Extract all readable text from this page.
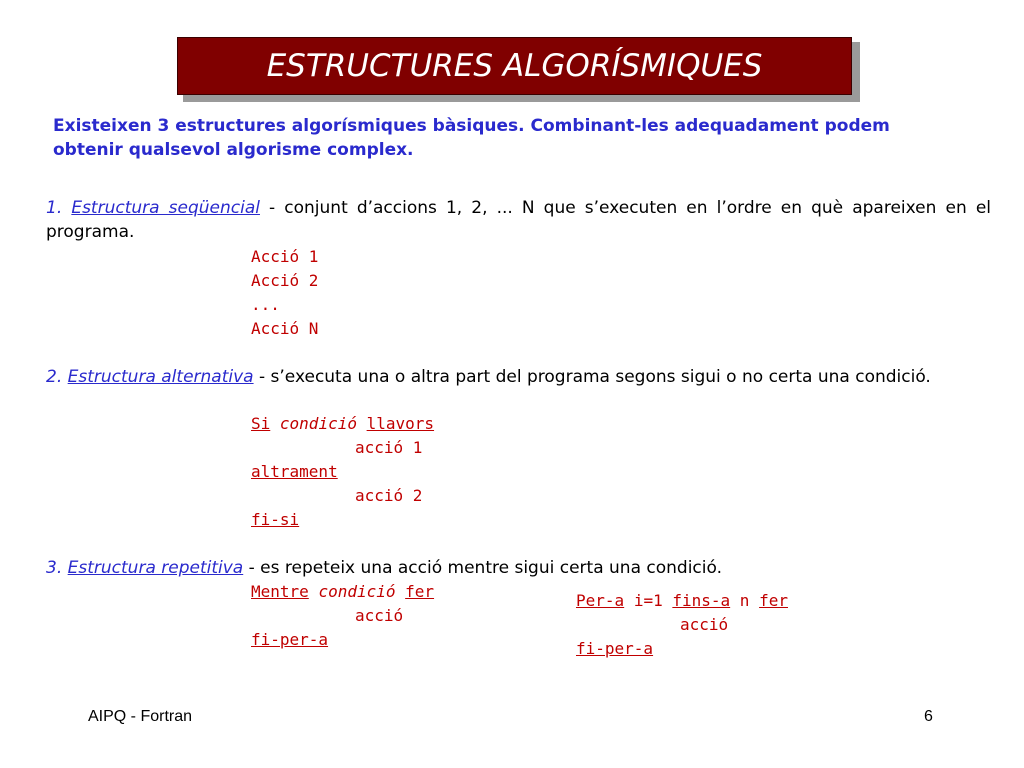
ESTRUCTURES ALGORÍSMIQUES
Existeixen 3 estructures algorísmiques bàsiques. Combinant-les adequadament podem obtenir qualsevol algorisme complex.
1. Estructura seqüencial - conjunt d’accions 1, 2, ... N que s’executen en l’ordre en què apareixen en el programa.
Acció 1
Acció 2
...
Acció N
2. Estructura alternativa - s’executa una o altra part del programa segons sigui o no certa una condició.
Si condició llavors
acció 1
altrament
acció 2
fi-si
3. Estructura repetitiva - es repeteix una acció mentre sigui certa una condició.
Mentre condició fer
acció
fi-per-a
Per-a i=1 fins-a n fer
acció
fi-per-a
AIPQ - Fortran	6
